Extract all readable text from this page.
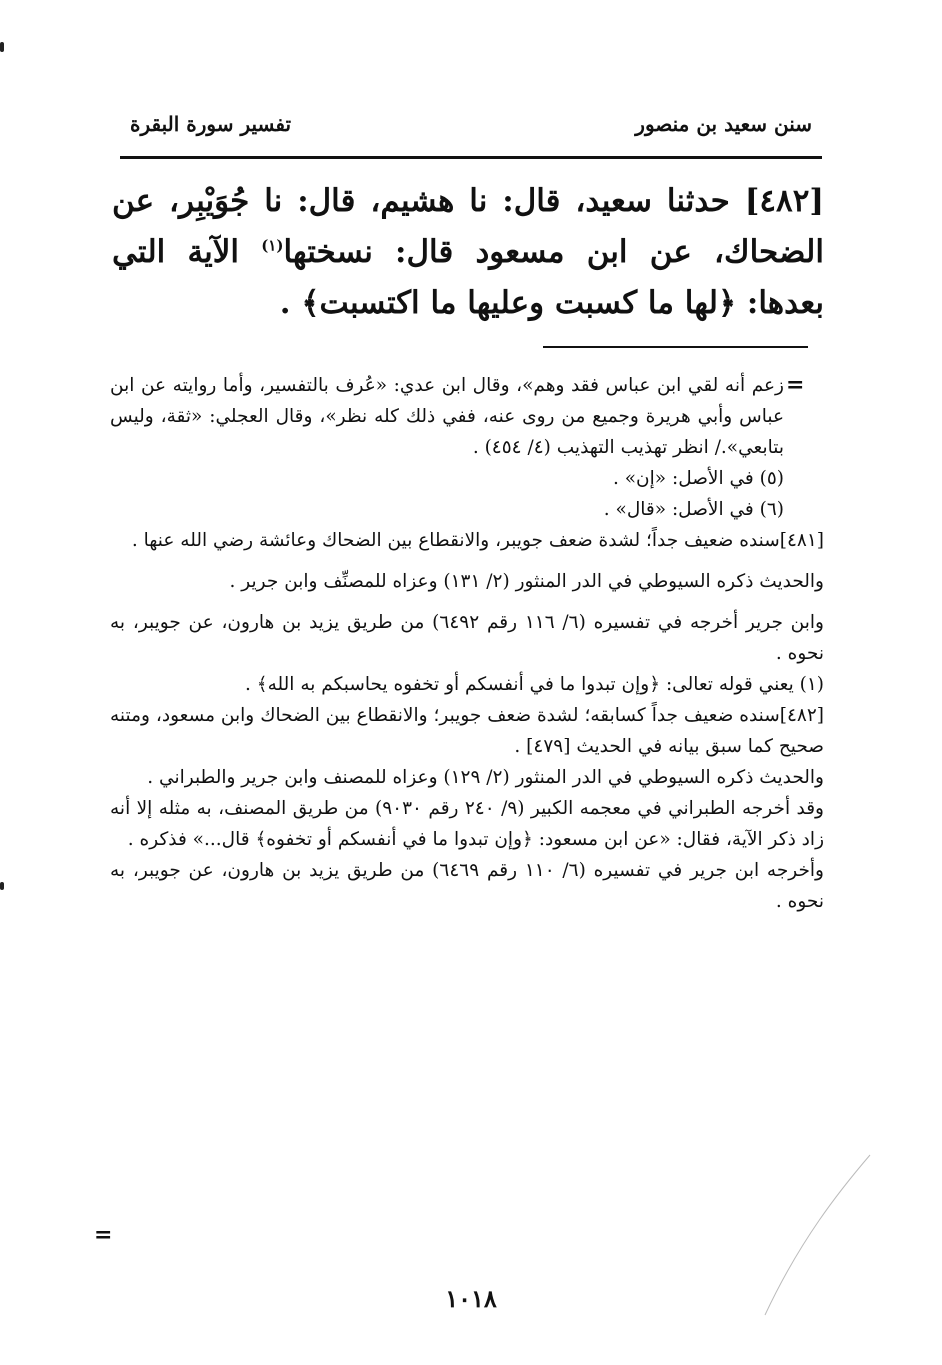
تفسير سورة البقرة	سنن سعيد بن منصور
[٤٨٢] حدثنا سعيد، قال: نا هشيم، قال: نا جُوَيْبِر، عن الضحاك، عن ابن مسعود قال: نسختها$^{(١)}$ الآية التي بعدها: ﴿لها ما كسبت وعليها ما اكتسبت﴾ .
=

زعم أنه لقي ابن عباس فقد وهم»، وقال ابن عدي: «عُرف بالتفسير، وأما روايته عن ابن عباس وأبي هريرة وجميع من روى عنه، ففي ذلك كله نظر»، وقال العجلي: «ثقة، وليس بتابعي»./ انظر تهذيب التهذيب (٤/ ٤٥٤) .

(٥) في الأصل: «إن» .

(٦) في الأصل: «قال» .

[٤٨١]سنده ضعيف جداً؛ لشدة ضعف جويبر، والانقطاع بين الضحاك وعائشة رضي الله عنها .

والحديث ذكره السيوطي في الدر المنثور (٢/ ١٣١) وعزاه للمصنِّف وابن جرير .

وابن جرير أخرجه في تفسيره (٦/ ١١٦ رقم ٦٤٩٢) من طريق يزيد بن هارون، عن جويبر، به نحوه .

(١) يعني قوله تعالى: ﴿وإن تبدوا ما في أنفسكم أو تخفوه يحاسبكم به الله﴾ .

[٤٨٢]سنده ضعيف جداً كسابقه؛ لشدة ضعف جويبر؛ والانقطاع بين الضحاك وابن مسعود، ومتنه صحيح كما سبق بيانه في الحديث [٤٧٩] .

والحديث ذكره السيوطي في الدر المنثور (٢/ ١٢٩) وعزاه للمصنف وابن جرير والطبراني .

وقد أخرجه الطبراني في معجمه الكبير (٩/ ٢٤٠ رقم ٩٠٣٠) من طريق المصنف، به مثله إلا أنه زاد ذكر الآية، فقال: «عن ابن مسعود: ﴿وإن تبدوا ما في أنفسكم أو تخفوه﴾ قال...» فذكره .

وأخرجه ابن جرير في تفسيره (٦/ ١١٠ رقم ٦٤٦٩) من طريق يزيد بن هارون، عن جويبر، به نحوه .

=
١٠١٨
